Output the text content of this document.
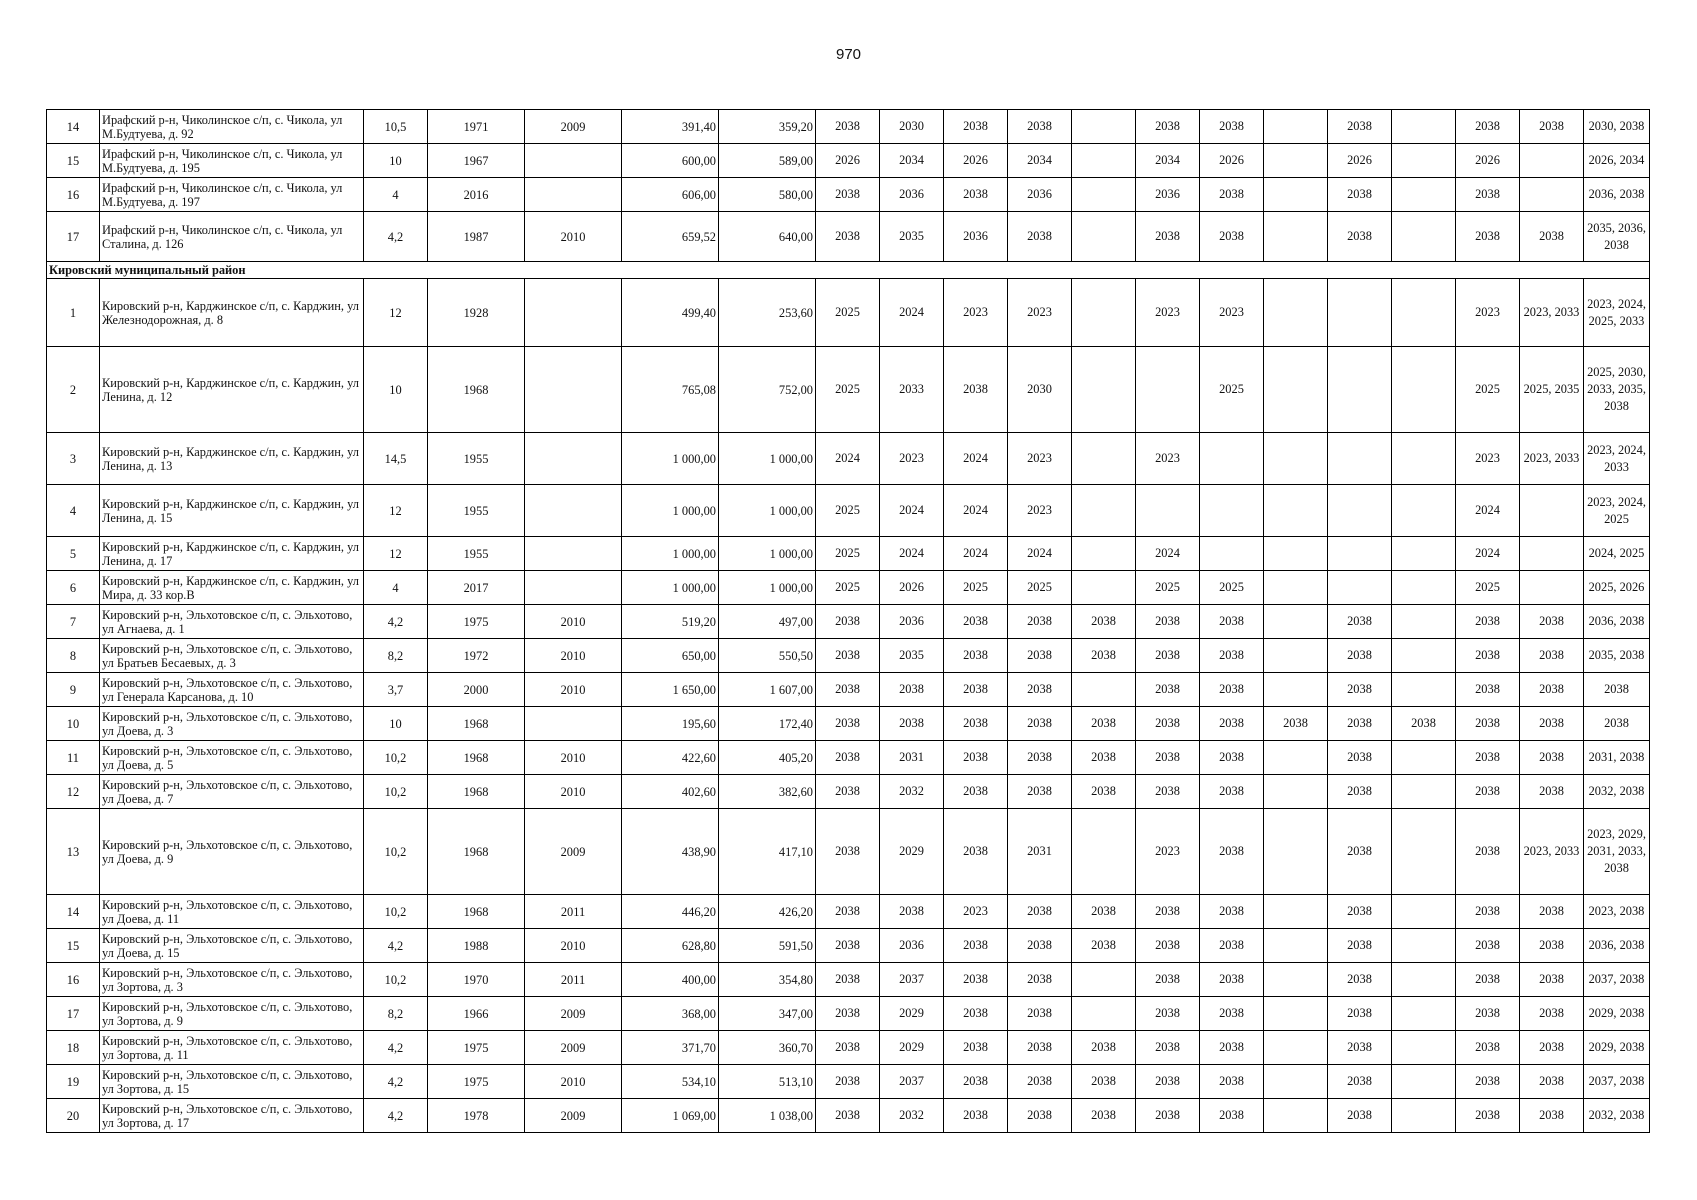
970
14	Ирафский р-н, Чиколинское с/п, с. Чикола, ул М.Будтуева, д. 92	10,5	1971	2009	391,40	359,20	2038	2030	2038	2038		2038	2038		2038		2038	2038	2030, 2038
15	Ирафский р-н, Чиколинское с/п, с. Чикола, ул М.Будтуева, д. 195	10	1967		600,00	589,00	2026	2034	2026	2034		2034	2026		2026		2026		2026, 2034
16	Ирафский р-н, Чиколинское с/п, с. Чикола, ул М.Будтуева, д. 197	4	2016		606,00	580,00	2038	2036	2038	2036		2036	2038		2038		2038		2036, 2038
17	Ирафский р-н, Чиколинское с/п, с. Чикола, ул Сталина, д. 126	4,2	1987	2010	659,52	640,00	2038	2035	2036	2038		2038	2038		2038		2038	2038	2035, 2036, 2038
Кировский муниципальный район																			
1	Кировский р-н, Карджинское с/п, с. Карджин, ул Железнодорожная, д. 8	12	1928		499,40	253,60	2025	2024	2023	2023		2023	2023				2023	2023, 2033	2023, 2024, 2025, 2033
2	Кировский р-н, Карджинское с/п, с. Карджин, ул Ленина, д. 12	10	1968		765,08	752,00	2025	2033	2038	2030			2025				2025	2025, 2035	2025, 2030, 2033, 2035, 2038
3	Кировский р-н, Карджинское с/п, с. Карджин, ул Ленина, д. 13	14,5	1955		1 000,00	1 000,00	2024	2023	2024	2023		2023					2023	2023, 2033	2023, 2024, 2033
4	Кировский р-н, Карджинское с/п, с. Карджин, ул Ленина, д. 15	12	1955		1 000,00	1 000,00	2025	2024	2024	2023							2024		2023, 2024, 2025
5	Кировский р-н, Карджинское с/п, с. Карджин, ул Ленина, д. 17	12	1955		1 000,00	1 000,00	2025	2024	2024	2024		2024					2024		2024, 2025
6	Кировский р-н, Карджинское с/п, с. Карджин, ул Мира, д. 33 кор.В	4	2017		1 000,00	1 000,00	2025	2026	2025	2025		2025	2025				2025		2025, 2026
7	Кировский р-н, Эльхотовское с/п, с. Эльхотово, ул Агнаева, д. 1	4,2	1975	2010	519,20	497,00	2038	2036	2038	2038	2038	2038	2038		2038		2038	2038	2036, 2038
8	Кировский р-н, Эльхотовское с/п, с. Эльхотово, ул Братьев Бесаевых, д. 3	8,2	1972	2010	650,00	550,50	2038	2035	2038	2038	2038	2038	2038		2038		2038	2038	2035, 2038
9	Кировский р-н, Эльхотовское с/п, с. Эльхотово, ул Генерала Карсанова, д. 10	3,7	2000	2010	1 650,00	1 607,00	2038	2038	2038	2038		2038	2038		2038		2038	2038	2038
10	Кировский р-н, Эльхотовское с/п, с. Эльхотово, ул Доева, д. 3	10	1968		195,60	172,40	2038	2038	2038	2038	2038	2038	2038	2038	2038	2038	2038	2038	2038
11	Кировский р-н, Эльхотовское с/п, с. Эльхотово, ул Доева, д. 5	10,2	1968	2010	422,60	405,20	2038	2031	2038	2038	2038	2038	2038		2038		2038	2038	2031, 2038
12	Кировский р-н, Эльхотовское с/п, с. Эльхотово, ул Доева, д. 7	10,2	1968	2010	402,60	382,60	2038	2032	2038	2038	2038	2038	2038		2038		2038	2038	2032, 2038
13	Кировский р-н, Эльхотовское с/п, с. Эльхотово, ул Доева, д. 9	10,2	1968	2009	438,90	417,10	2038	2029	2038	2031		2023	2038		2038		2038	2023, 2033	2023, 2029, 2031, 2033, 2038
14	Кировский р-н, Эльхотовское с/п, с. Эльхотово, ул Доева, д. 11	10,2	1968	2011	446,20	426,20	2038	2038	2023	2038	2038	2038	2038		2038		2038	2038	2023, 2038
15	Кировский р-н, Эльхотовское с/п, с. Эльхотово, ул Доева, д. 15	4,2	1988	2010	628,80	591,50	2038	2036	2038	2038	2038	2038	2038		2038		2038	2038	2036, 2038
16	Кировский р-н, Эльхотовское с/п, с. Эльхотово, ул Зортова, д. 3	10,2	1970	2011	400,00	354,80	2038	2037	2038	2038		2038	2038		2038		2038	2038	2037, 2038
17	Кировский р-н, Эльхотовское с/п, с. Эльхотово, ул Зортова, д. 9	8,2	1966	2009	368,00	347,00	2038	2029	2038	2038		2038	2038		2038		2038	2038	2029, 2038
18	Кировский р-н, Эльхотовское с/п, с. Эльхотово, ул Зортова, д. 11	4,2	1975	2009	371,70	360,70	2038	2029	2038	2038	2038	2038	2038		2038		2038	2038	2029, 2038
19	Кировский р-н, Эльхотовское с/п, с. Эльхотово, ул Зортова, д. 15	4,2	1975	2010	534,10	513,10	2038	2037	2038	2038	2038	2038	2038		2038		2038	2038	2037, 2038
20	Кировский р-н, Эльхотовское с/п, с. Эльхотово, ул Зортова, д. 17	4,2	1978	2009	1 069,00	1 038,00	2038	2032	2038	2038	2038	2038	2038		2038		2038	2038	2032, 2038
